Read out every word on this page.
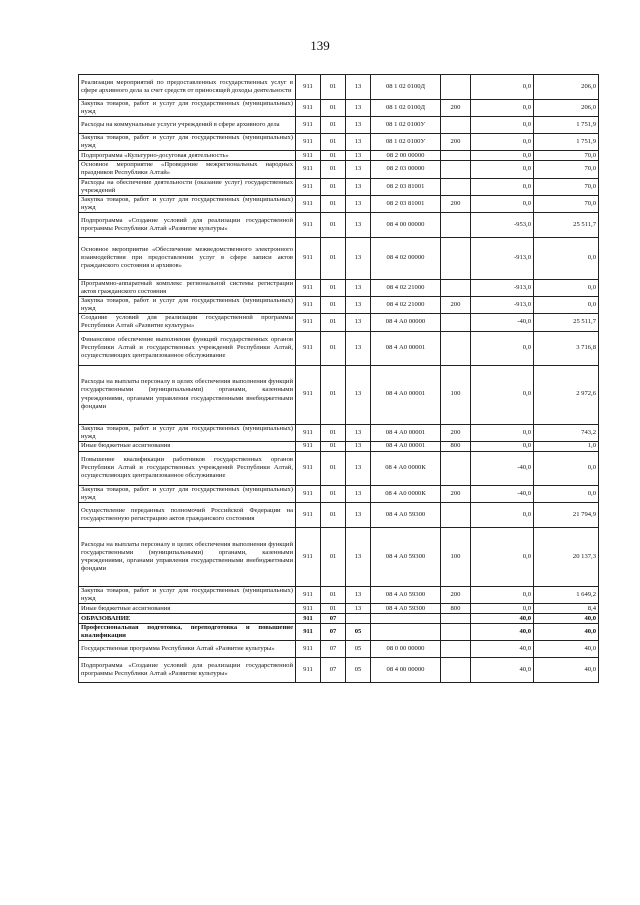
139
Реализация мероприятий по предоставленных государственных услуг в сфере архивного дела за счет средств от приносящей доходы деятельности	911	01	13	08 1 02 0100Д		0,0	206,0
Закупка товаров, работ и услуг для государственных (муниципальных) нужд	911	01	13	08 1 02 0100Д	200	0,0	206,0
Расходы на коммунальные услуги учреждений в сфере архивного дела	911	01	13	08 1 02 0100У		0,0	1 751,9
Закупка товаров, работ и услуг для государственных (муниципальных) нужд	911	01	13	08 1 02 0100У	200	0,0	1 751,9
Подпрограмма «Культурно-досуговая деятельность»	911	01	13	08 2 00 00000		0,0	70,0
Основное мероприятие «Проведение межрегиональных народных праздников Республики Алтай»	911	01	13	08 2 03 00000		0,0	70,0
Расходы на обеспечение деятельности (оказание услуг) государственных учреждений	911	01	13	08 2 03 81001		0,0	70,0
Закупка товаров, работ и услуг для государственных (муниципальных) нужд	911	01	13	08 2 03 81001	200	0,0	70,0
Подпрограмма «Создание условий для реализации государственной программы Республики Алтай «Развитие культуры»	911	01	13	08 4 00 00000		-953,0	25 511,7
Основное мероприятие «Обеспечение межведомственного электронного взаимодействия при предоставлении услуг в сфере записи актов гражданского состояния и архивов»	911	01	13	08 4 02 00000		-913,0	0,0
Программно-аппаратный комплекс региональной системы регистрации актов гражданского состояния	911	01	13	08 4 02 21000		-913,0	0,0
Закупка товаров, работ и услуг для государственных (муниципальных) нужд	911	01	13	08 4 02 21000	200	-913,0	0,0
Создание условий для реализации государственной программы Республики Алтай «Развитие культуры»	911	01	13	08 4 А0 00000		-40,0	25 511,7
Финансовое обеспечение выполнения функций государственных органов Республики Алтай и государственных учреждений Республики Алтай, осуществляющих централизованное обслуживание	911	01	13	08 4 А0 00001		0,0	3 716,8
Расходы на выплаты персоналу в целях обеспечения выполнения функций государственными (муниципальными) органами, казенными учреждениями, органами управления государственными внебюджетными фондами	911	01	13	08 4 А0 00001	100	0,0	2 972,6
Закупка товаров, работ и услуг для государственных (муниципальных) нужд	911	01	13	08 4 А0 00001	200	0,0	743,2
Иные бюджетные ассигнования	911	01	13	08 4 А0 00001	800	0,0	1,0
Повышение квалификации работников государственных органов Республики Алтай и государственных учреждений Республики Алтай, осуществляющих централизованное обслуживание	911	01	13	08 4 А0 0000К		-40,0	0,0
Закупка товаров, работ и услуг для государственных (муниципальных) нужд	911	01	13	08 4 А0 0000К	200	-40,0	0,0
Осуществление переданных полномочий Российской Федерации на государственную регистрацию актов гражданского состояния	911	01	13	08 4 А0 59300		0,0	21 794,9
Расходы на выплаты персоналу в целях обеспечения выполнения функций государственными (муниципальными) органами, казенными учреждениями, органами управления государственными внебюджетными фондами	911	01	13	08 4 А0 59300	100	0,0	20 137,3
Закупка товаров, работ и услуг для государственных (муниципальных) нужд	911	01	13	08 4 А0 59300	200	0,0	1 649,2
Иные бюджетные ассигнования	911	01	13	08 4 А0 59300	800	0,0	8,4
ОБРАЗОВАНИЕ	911	07				40,0	40,0
Профессиональная подготовка, переподготовка и повышение квалификации	911	07	05			40,0	40,0
Государственная программа Республики Алтай «Развитие культуры»	911	07	05	08 0 00 00000		40,0	40,0
Подпрограмма «Создание условий для реализации государственной программы Республики Алтай «Развитие культуры»	911	07	05	08 4 00 00000		40,0	40,0
